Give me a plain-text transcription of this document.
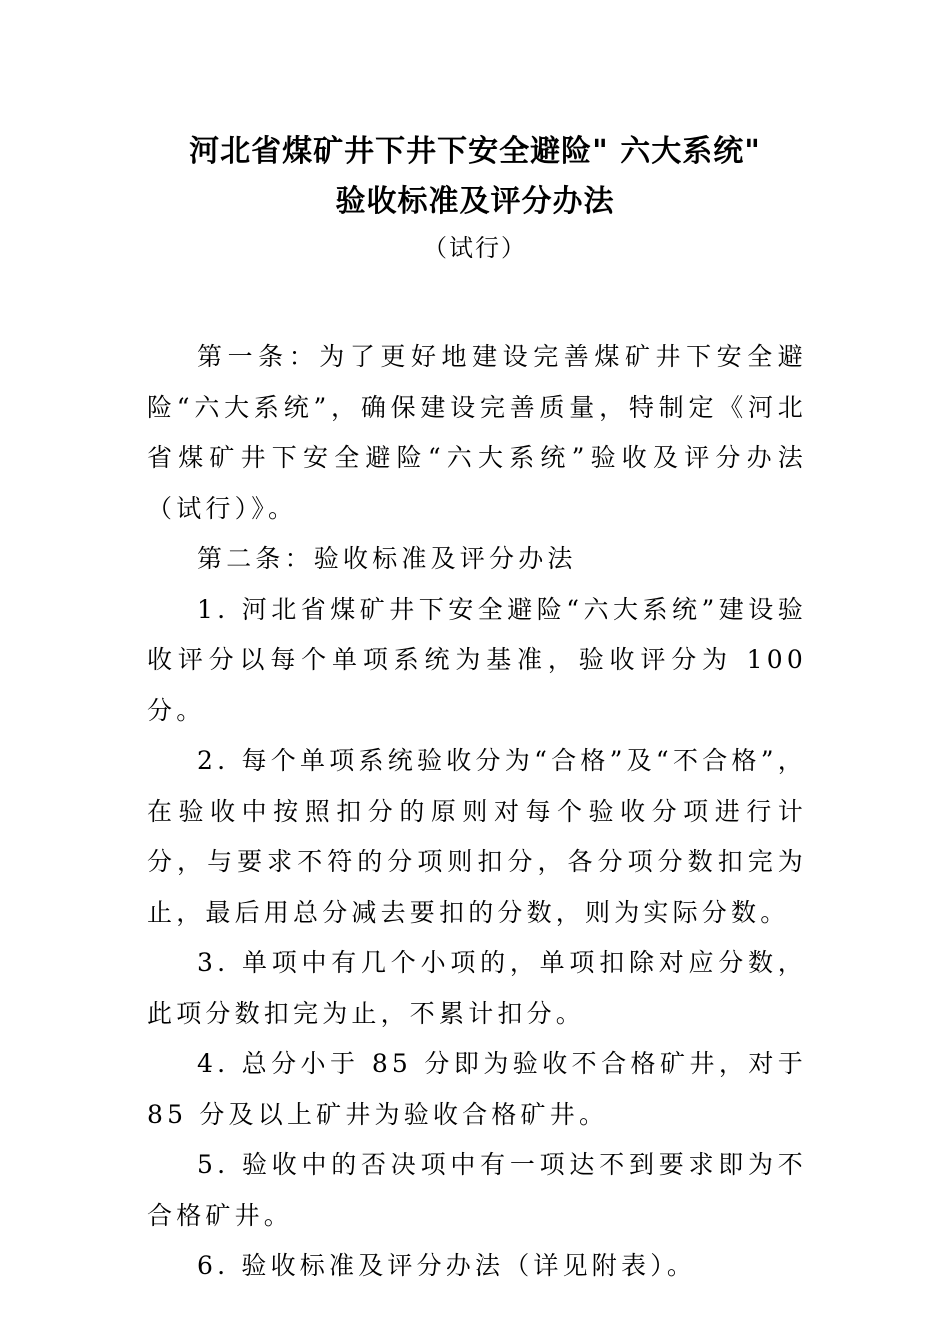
河北省煤矿井下井下安全避险" 六大系统"
验收标准及评分办法
（试行）

第一条：为了更好地建设完善煤矿井下安全避险“六大系统”，确保建设完善质量，特制定《河北省煤矿井下安全避险“六大系统”验收及评分办法（试行）》。

第二条：验收标准及评分办法

1. 河北省煤矿井下安全避险“六大系统”建设验收评分以每个单项系统为基准，验收评分为 100 分。

2. 每个单项系统验收分为“合格”及“不合格”，在验收中按照扣分的原则对每个验收分项进行计分，与要求不符的分项则扣分，各分项分数扣完为止，最后用总分减去要扣的分数，则为实际分数。

3. 单项中有几个小项的，单项扣除对应分数，此项分数扣完为止，不累计扣分。

4. 总分小于 85 分即为验收不合格矿井，对于 85 分及以上矿井为验收合格矿井。

5. 验收中的否决项中有一项达不到要求即为不合格矿井。

6. 验收标准及评分办法（详见附表）。
